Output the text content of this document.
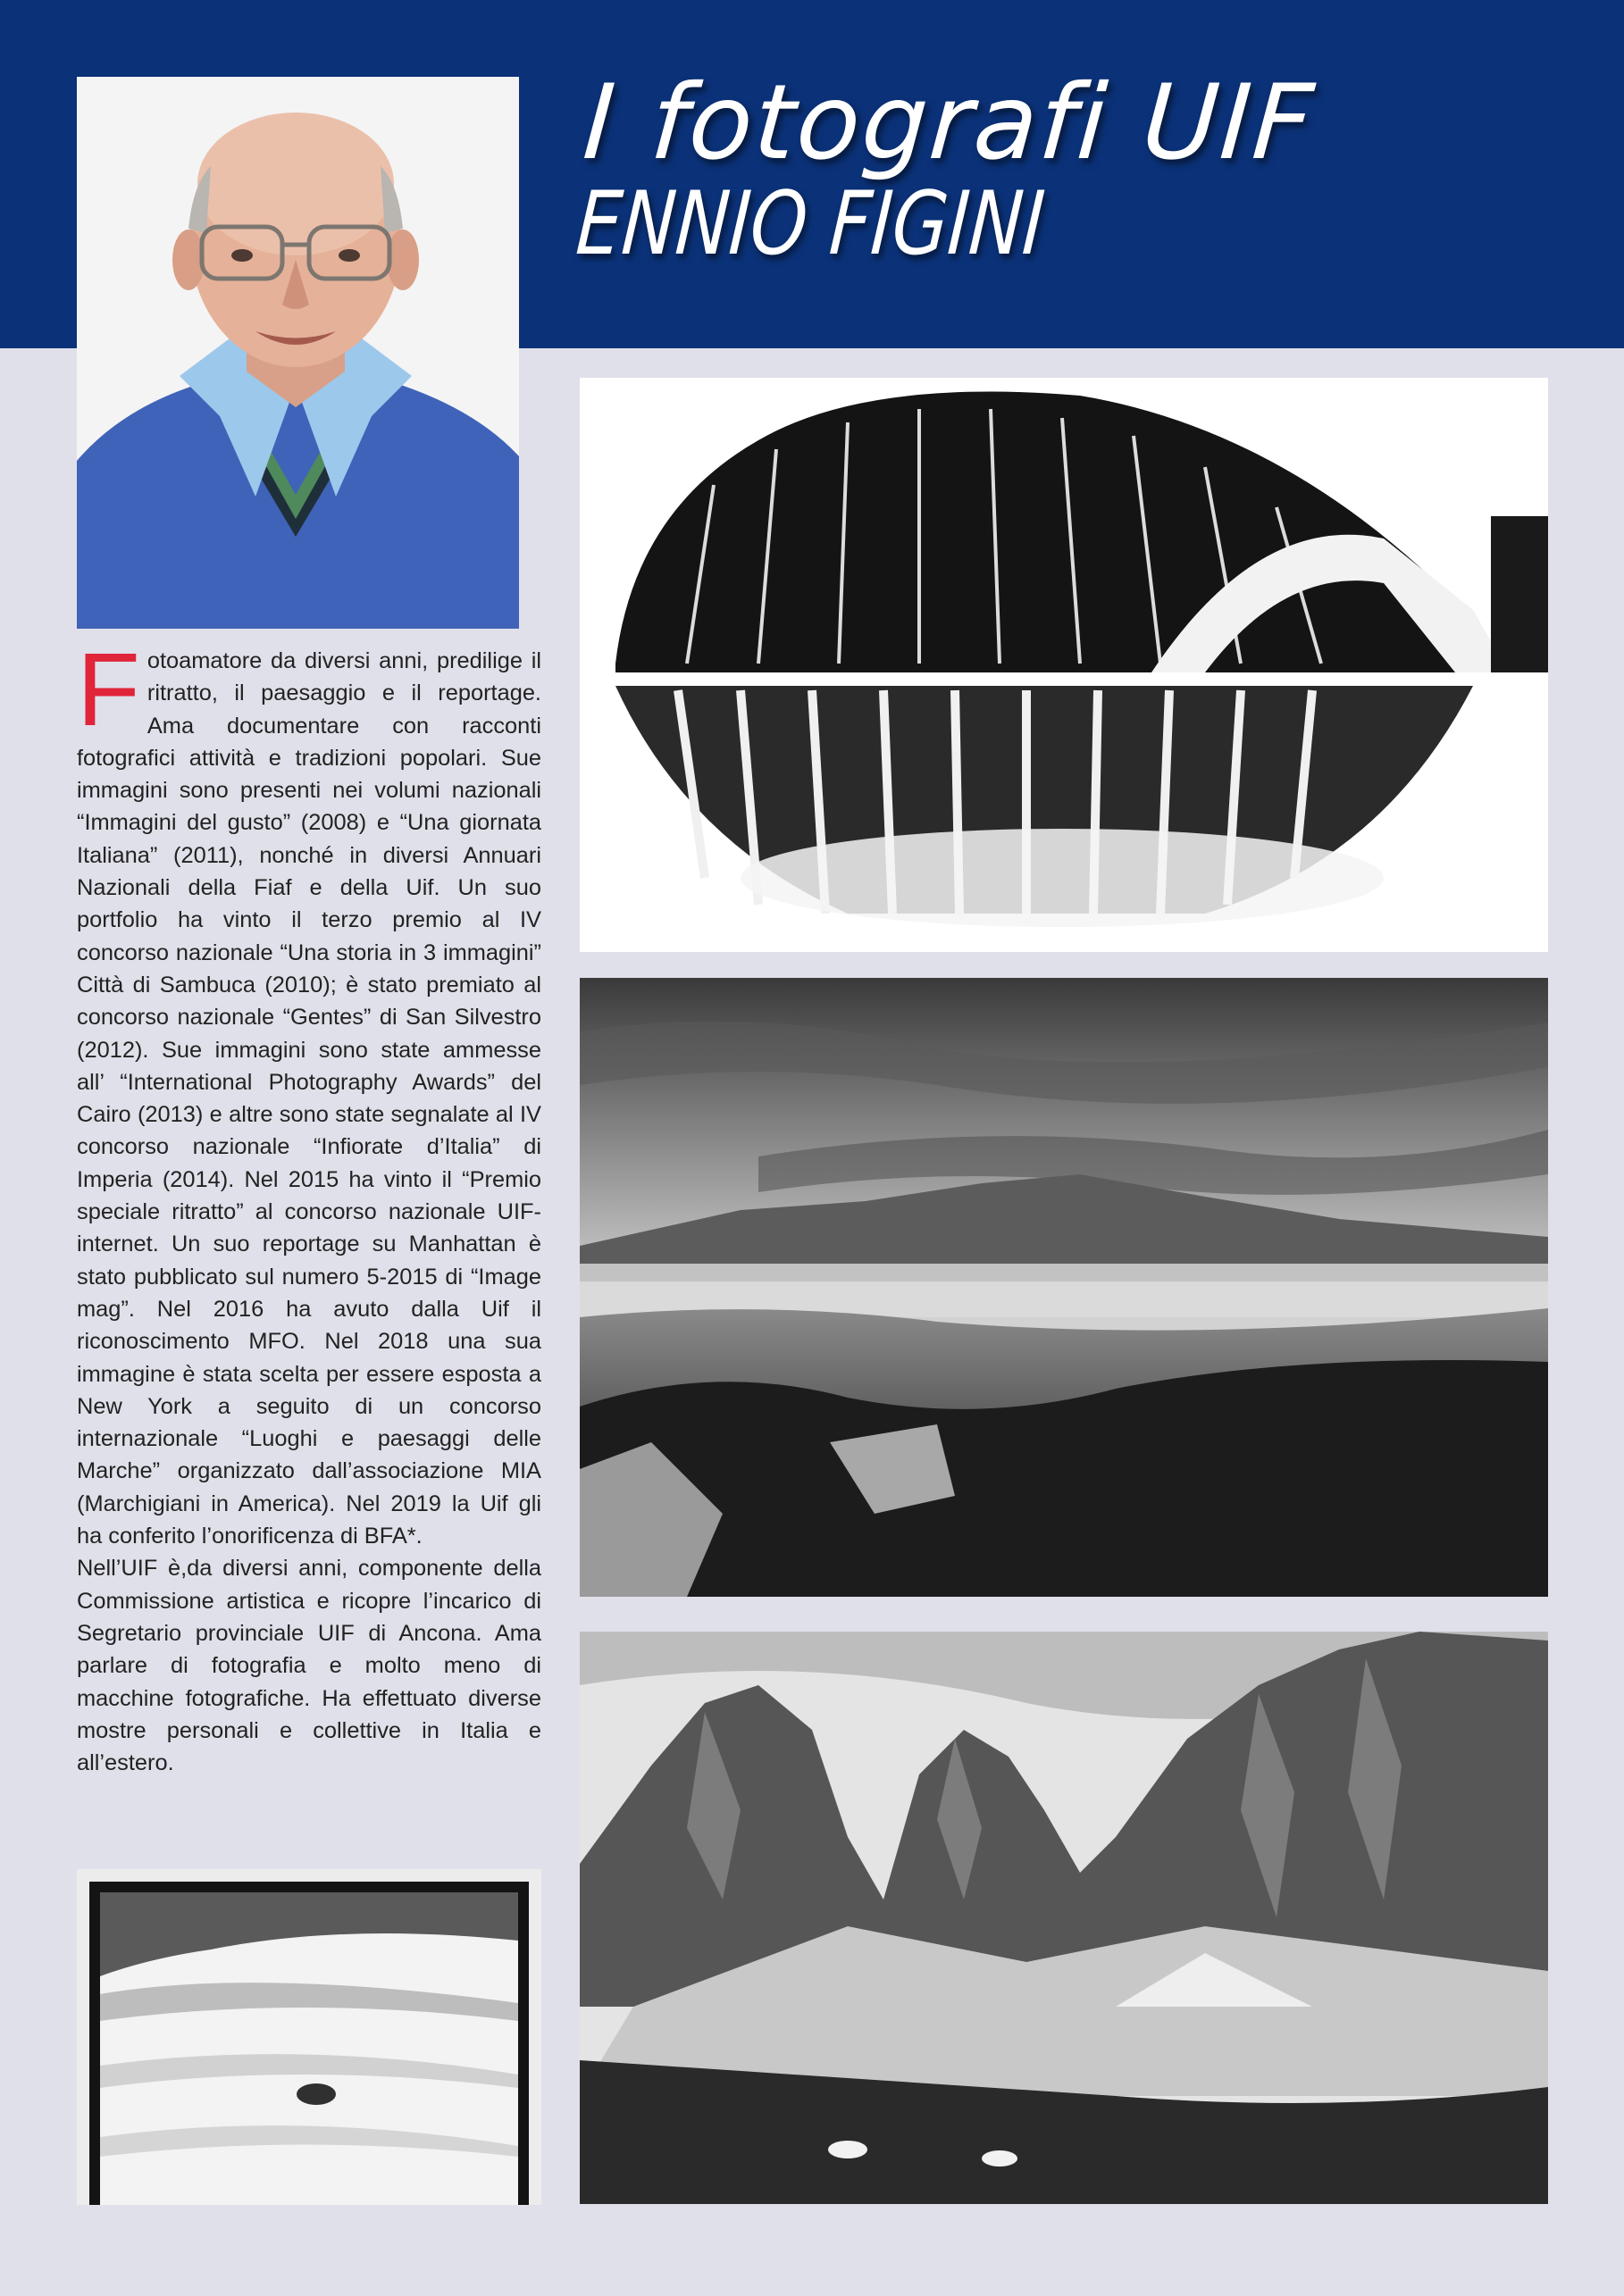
I fotografi UIF
ENNIO FIGINI

Fotoamatore da diversi anni, predilige il ritratto, il paesaggio e il reportage. Ama documentare con racconti fotografici attività e tradizioni popolari. Sue immagini sono presenti nei volumi nazionali “Immagini del gusto” (2008) e “Una giornata Italiana” (2011), nonché in diversi Annuari Nazionali della Fiaf e della Uif. Un suo portfolio ha vinto il terzo premio al IV concorso nazionale “Una storia in 3 immagini” Città di Sambuca (2010); è stato premiato al concorso nazionale “Gentes” di San Silvestro (2012). Sue immagini sono state ammesse all’ “International Photography Awards” del Cairo (2013) e altre sono state segnalate al IV concorso nazionale “Infiorate d’Italia” di Imperia (2014). Nel 2015 ha vinto il “Premio speciale ritratto” al concorso nazionale UIF-internet. Un suo reportage su Manhattan è stato pubblicato sul numero 5-2015 di “Image mag”. Nel 2016 ha avuto dalla Uif il riconoscimento MFO. Nel 2018 una sua immagine è stata scelta per essere esposta a New York a seguito di un concorso internazionale “Luoghi e paesaggi delle Marche” organizzato dall’associazione MIA (Marchigiani in America). Nel 2019 la Uif gli ha conferito l’onorificenza di BFA*.

Nell’UIF è,da diversi anni, componente della Commissione artistica e ricopre l’incarico di Segretario provinciale UIF di Ancona. Ama parlare di fotografia e molto meno di macchine fotografiche. Ha effettuato diverse mostre personali e collettive in Italia e all’estero.
